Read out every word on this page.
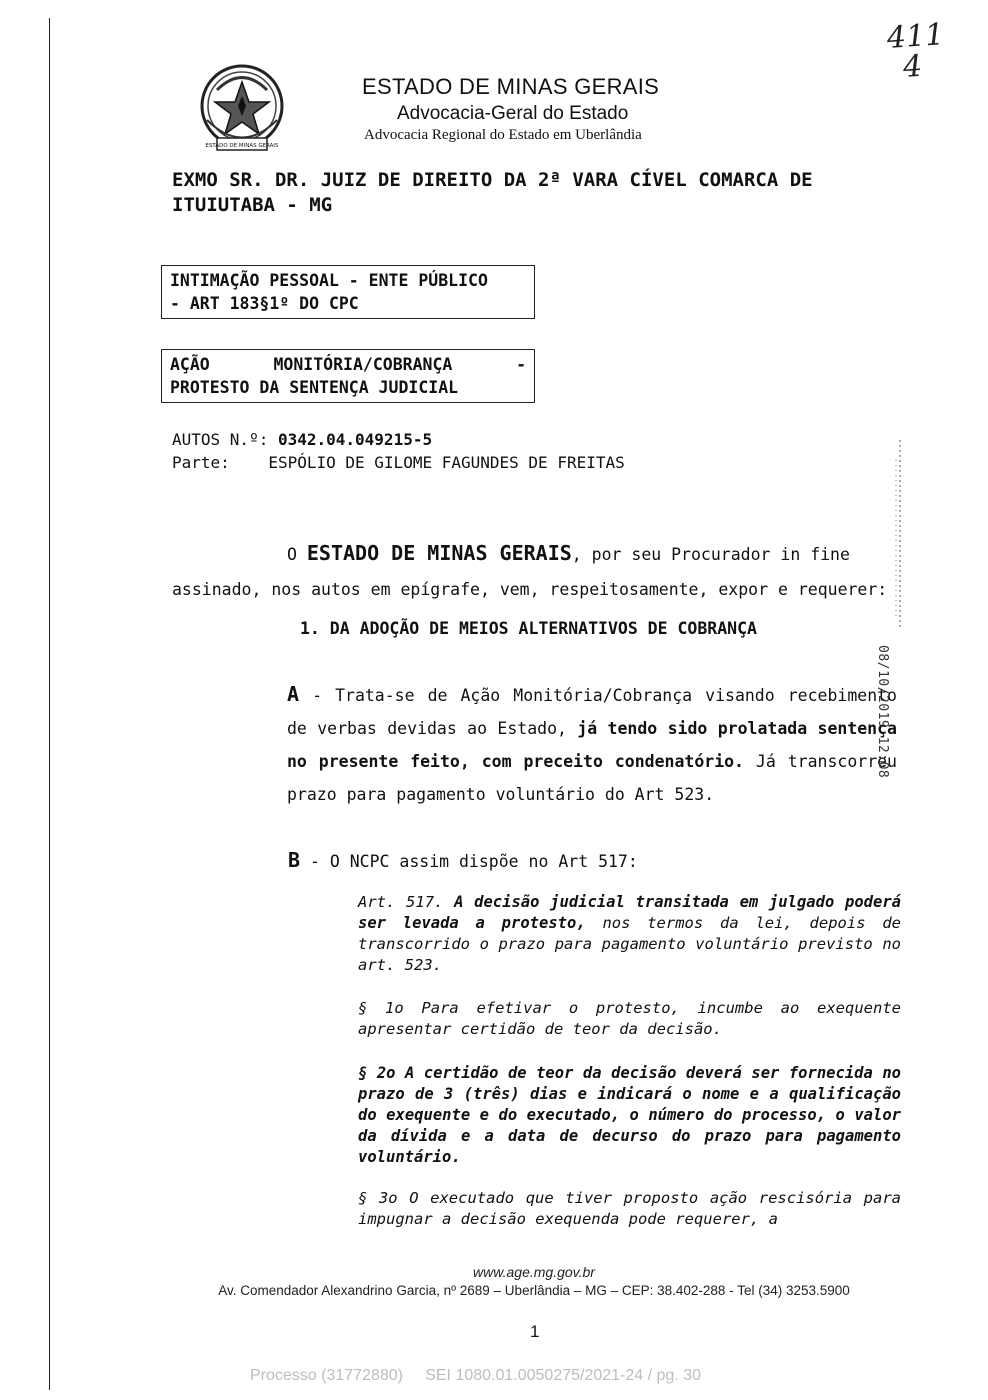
ESTADO DE MINAS GERAIS
ESTADO DE MINAS GERAIS
Advocacia-Geral do Estado
Advocacia Regional do Estado em Uberlândia
411
4
EXMO SR. DR. JUIZ DE DIREITO DA 2ª VARA CÍVEL COMARCA DE
ITUIUTABA - MG
INTIMAÇÃO PESSOAL - ENTE PÚBLICO
- ART 183§1º DO CPC
AÇÃO	MONITÓRIA/COBRANÇA	-
PROTESTO DA SENTENÇA JUDICIAL
AUTOS N.º: 0342.04.049215-5
Parte: ESPÓLIO DE GILOME FAGUNDES DE FREITAS
O ESTADO DE MINAS GERAIS, por seu Procurador in fine
assinado, nos autos em epígrafe, vem, respeitosamente, expor e requerer:
1. DA ADOÇÃO DE MEIOS ALTERNATIVOS DE COBRANÇA
A - Trata-se de Ação Monitória/Cobrança visando recebimento de verbas devidas ao Estado, já tendo sido prolatada sentença no presente feito, com preceito condenatório. Já transcorreu prazo para pagamento voluntário do Art 523.
B - O NCPC assim dispõe no Art 517:
Art. 517. A decisão judicial transitada em julgado poderá ser levada a protesto, nos termos da lei, depois de transcorrido o prazo para pagamento voluntário previsto no art. 523.
§ 1o Para efetivar o protesto, incumbe ao exequente apresentar certidão de teor da decisão.
§ 2o A certidão de teor da decisão deverá ser fornecida no prazo de 3 (três) dias e indicará o nome e a qualificação do exequente e do executado, o número do processo, o valor da dívida e a data de decurso do prazo para pagamento voluntário.
§ 3o O executado que tiver proposto ação rescisória para impugnar a decisão exequenda pode requerer, a
08/10/2019 12:08
www.age.mg.gov.br
Av. Comendador Alexandrino Garcia, nº 2689 – Uberlândia – MG – CEP: 38.402-288 - Tel (34) 3253.5900
1
Processo (31772880)     SEI 1080.01.0050275/2021-24 / pg. 30
